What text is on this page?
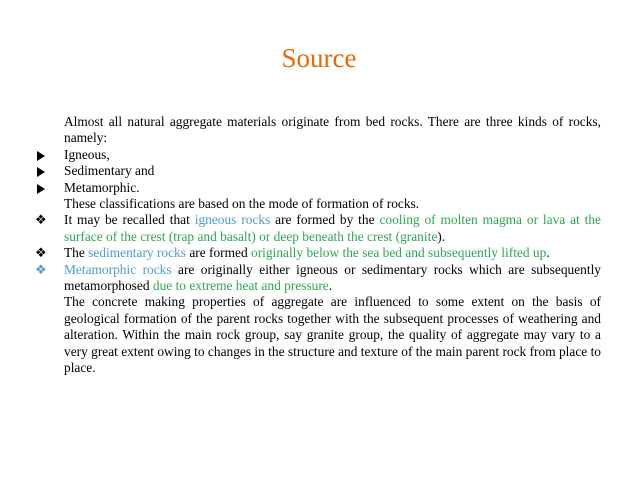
Source

Almost all natural aggregate materials originate from bed rocks. There are three kinds of rocks, namely:

Igneous,
Sedimentary and
Metamorphic.

These classifications are based on the mode of formation of rocks.

❖ It may be recalled that igneous rocks are formed by the cooling of molten magma or lava at the surface of the crest (trap and basalt) or deep beneath the crest (granite).
❖ The sedimentary rocks are formed originally below the sea bed and subsequently lifted up.
❖ Metamorphic rocks are originally either igneous or sedimentary rocks which are subsequently metamorphosed due to extreme heat and pressure.

The concrete making properties of aggregate are influenced to some extent on the basis of geological formation of the parent rocks together with the subsequent processes of weathering and alteration. Within the main rock group, say granite group, the quality of aggregate may vary to a very great extent owing to changes in the structure and texture of the main parent rock from place to place.
